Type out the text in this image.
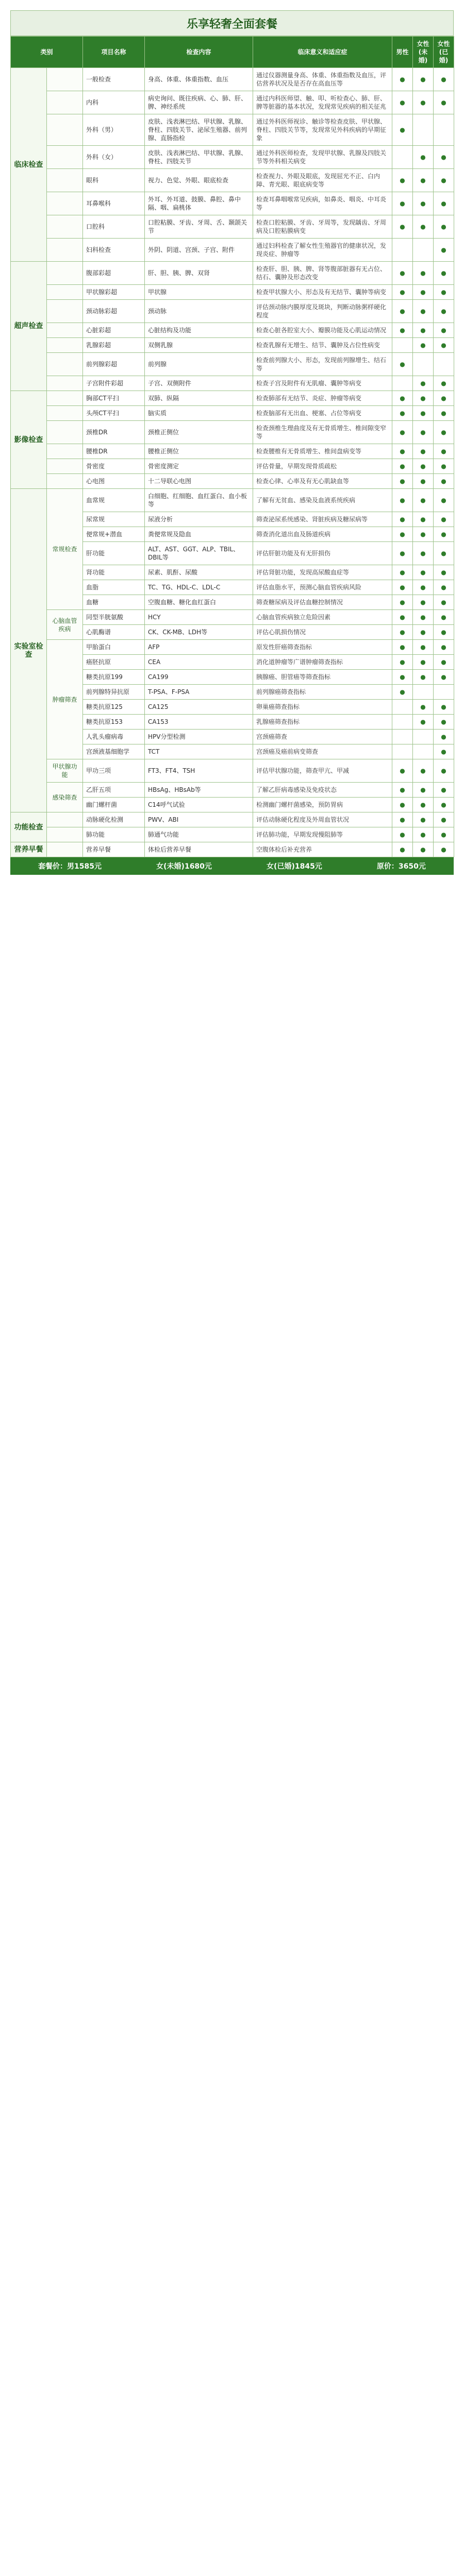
乐享轻奢全面套餐
类别		项目名称	检查内容	临床意义和适应症	男性	女性(未婚)	女性(已婚)
临床检查		一般检查	身高、体重、体重指数、血压	通过仪器测量身高、体重、体重指数及血压，评估营养状况及是否存在高血压等	●	●	●
		内科	病史询问、既往疾病、心、肺、肝、脾、神经系统	通过内科医师望、触、叩、听检查心、肺、肝、脾等脏器的基本状况，发现常见疾病的相关征兆	●	●	●
		外科（男）	皮肤、浅表淋巴结、甲状腺、乳腺、脊柱、四肢关节、泌尿生殖器、前列腺、直肠指检	通过外科医师视诊、触诊等检查皮肤、甲状腺、脊柱、四肢关节等，发现常见外科疾病的早期征象	●		
		外科（女）	皮肤、浅表淋巴结、甲状腺、乳腺、脊柱、四肢关节	通过外科医师检查，发现甲状腺、乳腺及四肢关节等外科相关病变		●	●
		眼科	视力、色觉、外眼、眼底检查	检查视力、外眼及眼底，发现屈光不正、白内障、青光眼、眼底病变等	●	●	●
		耳鼻喉科	外耳、外耳道、鼓膜、鼻腔、鼻中隔、咽、扁桃体	检查耳鼻咽喉常见疾病，如鼻炎、咽炎、中耳炎等	●	●	●
		口腔科	口腔粘膜、牙齿、牙周、舌、颞颌关节	检查口腔粘膜、牙齿、牙周等，发现龋齿、牙周病及口腔粘膜病变	●	●	●
		妇科检查	外阴、阴道、宫颈、子宫、附件	通过妇科检查了解女性生殖器官的健康状况，发现炎症、肿瘤等			●
超声检查		腹部彩超	肝、胆、胰、脾、双肾	检查肝、胆、胰、脾、肾等腹部脏器有无占位、结石、囊肿及形态改变	●	●	●
		甲状腺彩超	甲状腺	检查甲状腺大小、形态及有无结节、囊肿等病变	●	●	●
		颈动脉彩超	颈动脉	评估颈动脉内膜厚度及斑块，判断动脉粥样硬化程度	●	●	●
		心脏彩超	心脏结构及功能	检查心脏各腔室大小、瓣膜功能及心肌运动情况	●	●	●
		乳腺彩超	双侧乳腺	检查乳腺有无增生、结节、囊肿及占位性病变		●	●
		前列腺彩超	前列腺	检查前列腺大小、形态，发现前列腺增生、结石等	●		
		子宫附件彩超	子宫、双侧附件	检查子宫及附件有无肌瘤、囊肿等病变		●	●
影像检查		胸部CT平扫	双肺、纵隔	检查肺部有无结节、炎症、肿瘤等病变	●	●	●
		头颅CT平扫	脑实质	检查脑部有无出血、梗塞、占位等病变	●	●	●
		颈椎DR	颈椎正侧位	检查颈椎生理曲度及有无骨质增生、椎间隙变窄等	●	●	●
		腰椎DR	腰椎正侧位	检查腰椎有无骨质增生、椎间盘病变等	●	●	●
		骨密度	骨密度测定	评估骨量，早期发现骨质疏松	●	●	●
		心电图	十二导联心电图	检查心律、心率及有无心肌缺血等	●	●	●
实验室检查	常规检查	血常规	白细胞、红细胞、血红蛋白、血小板等	了解有无贫血、感染及血液系统疾病	●	●	●
		尿常规	尿液分析	筛查泌尿系统感染、肾脏疾病及糖尿病等	●	●	●
		便常规+潜血	粪便常规及隐血	筛查消化道出血及肠道疾病	●	●	●
		肝功能	ALT、AST、GGT、ALP、TBIL、DBIL等	评估肝脏功能及有无肝损伤	●	●	●
		肾功能	尿素、肌酐、尿酸	评估肾脏功能，发现高尿酸血症等	●	●	●
		血脂	TC、TG、HDL-C、LDL-C	评估血脂水平，预测心脑血管疾病风险	●	●	●
		血糖	空腹血糖、糖化血红蛋白	筛查糖尿病及评估血糖控制情况	●	●	●
	心脑血管疾病	同型半胱氨酸	HCY	心脑血管疾病独立危险因素	●	●	●
		心肌酶谱	CK、CK-MB、LDH等	评估心肌损伤情况	●	●	●
	肿瘤筛查	甲胎蛋白	AFP	原发性肝癌筛查指标	●	●	●
		癌胚抗原	CEA	消化道肿瘤等广谱肿瘤筛查指标	●	●	●
		糖类抗原199	CA199	胰腺癌、胆管癌等筛查指标	●	●	●
		前列腺特异抗原	T-PSA、F-PSA	前列腺癌筛查指标	●		
		糖类抗原125	CA125	卵巢癌筛查指标		●	●
		糖类抗原153	CA153	乳腺癌筛查指标		●	●
		人乳头瘤病毒	HPV分型检测	宫颈癌筛查			●
		宫颈液基细胞学	TCT	宫颈癌及癌前病变筛查			●
	甲状腺功能	甲功三项	FT3、FT4、TSH	评估甲状腺功能，筛查甲亢、甲减	●	●	●
	感染筛查	乙肝五项	HBsAg、HBsAb等	了解乙肝病毒感染及免疫状态	●	●	●
		幽门螺杆菌	C14呼气试验	检测幽门螺杆菌感染，预防胃病	●	●	●
功能检查		动脉硬化检测	PWV、ABI	评估动脉硬化程度及外周血管状况	●	●	●
		肺功能	肺通气功能	评估肺功能，早期发现慢阻肺等	●	●	●
营养早餐		营养早餐	体检后营养早餐	空腹体检后补充营养	●	●	●
套餐价：男1585元	女(未婚)1680元	女(已婚)1845元	原价：3650元
